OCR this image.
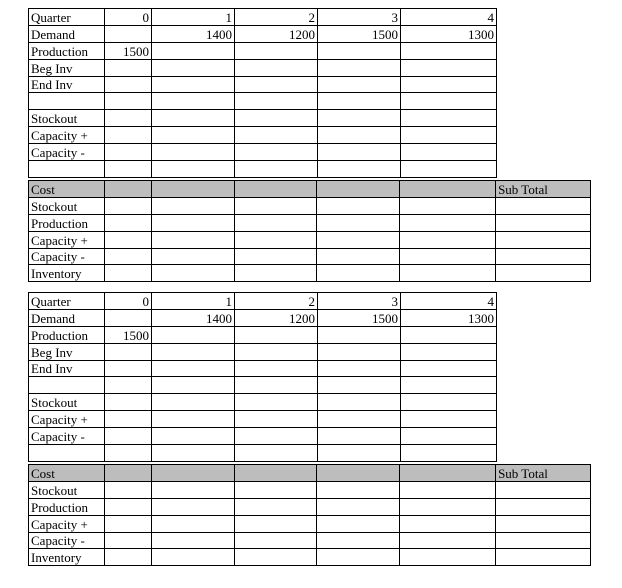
Quarter	0	1	2	3	4
Demand		1400	1200	1500	1300
Production	1500				
Beg Inv					
End Inv					

Stockout					
Capacity +					
Capacity -					

Cost						Sub Total
Stockout						
Production						
Capacity +						
Capacity -						
Inventory						
Quarter	0	1	2	3	4
Demand		1400	1200	1500	1300
Production	1500				
Beg Inv					
End Inv					

Stockout					
Capacity +					
Capacity -					

Cost						Sub Total
Stockout						
Production						
Capacity +						
Capacity -						
Inventory						
